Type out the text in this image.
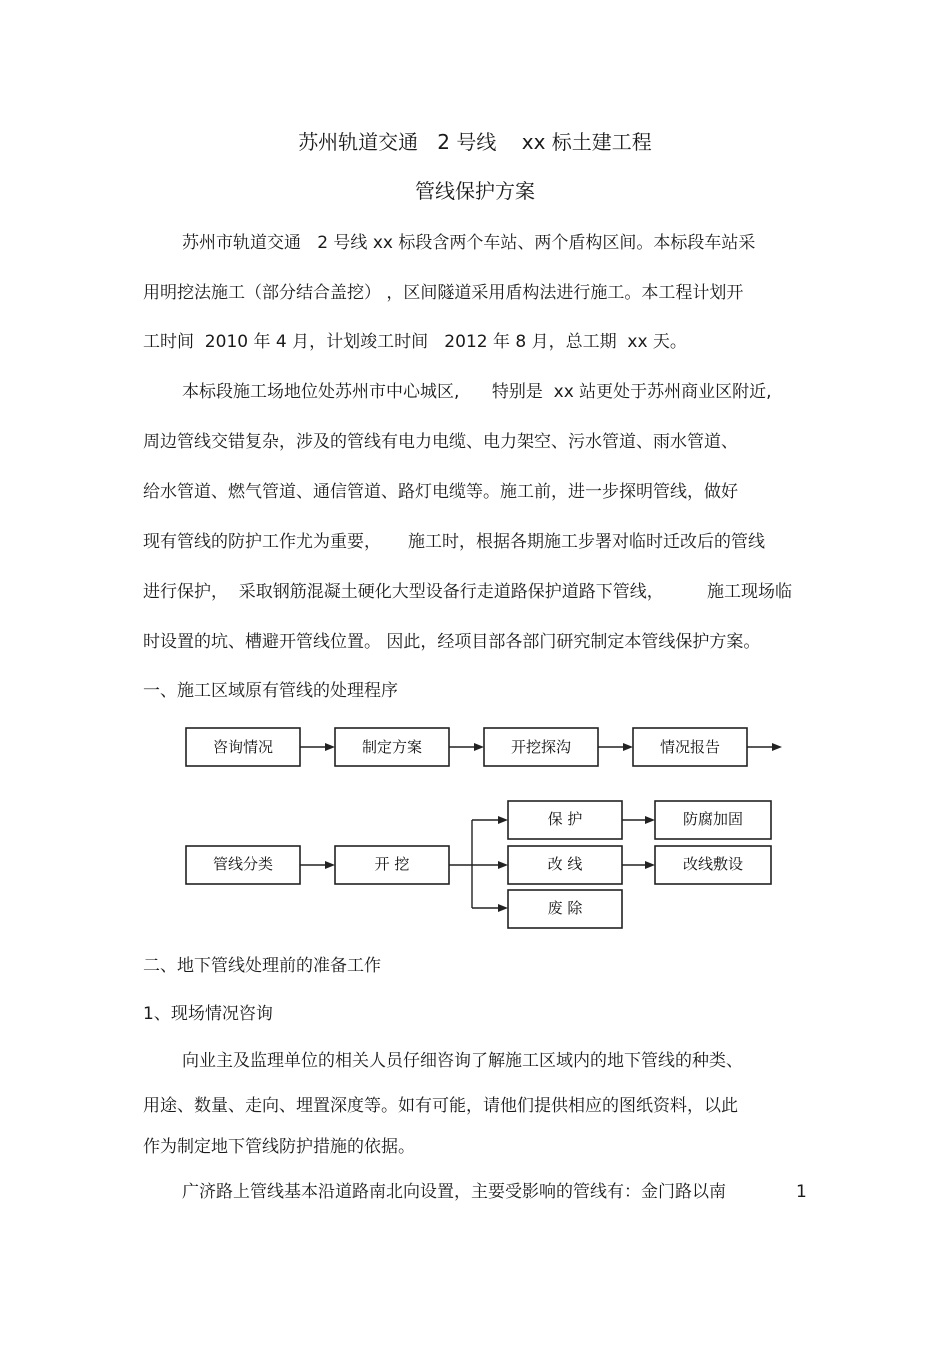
苏州轨道交通   2 号线    xx 标土建工程
管线保护方案
苏州市轨道交通   2 号线 xx 标段含两个车站、两个盾构区间。本标段车站采
用明挖法施工（部分结合盖挖） ，区间隧道采用盾构法进行施工。本工程计划开
工时间  2010 年 4 月，计划竣工时间   2012 年 8 月，总工期  xx 天。
本标段施工场地位处苏州市中心城区,      特别是  xx 站更处于苏州商业区附近,
周边管线交错复杂，涉及的管线有电力电缆、电力架空、污水管道、雨水管道、
给水管道、燃气管道、通信管道、路灯电缆等。施工前，进一步探明管线，做好
现有管线的防护工作尤为重要，     施工时，根据各期施工步署对临时迁改后的管线
进行保护，  采取钢筋混凝土硬化大型设备行走道路保护道路下管线，        施工现场临
时设置的坑、槽避开管线位置。 因此，经项目部各部门研究制定本管线保护方案。
一、施工区域原有管线的处理程序
咨询情况	制定方案	开挖探沟	情况报告
管线分类	开 挖
保 护
改 线
废 除
防腐加固
改线敷设
二、地下管线处理前的准备工作
1、现场情况咨询
向业主及监理单位的相关人员仔细咨询了解施工区域内的地下管线的种类、
用途、数量、走向、埋置深度等。如有可能，请他们提供相应的图纸资料，以此
作为制定地下管线防护措施的依据。
广济路上管线基本沿道路南北向设置，主要受影响的管线有：金门路以南	1
